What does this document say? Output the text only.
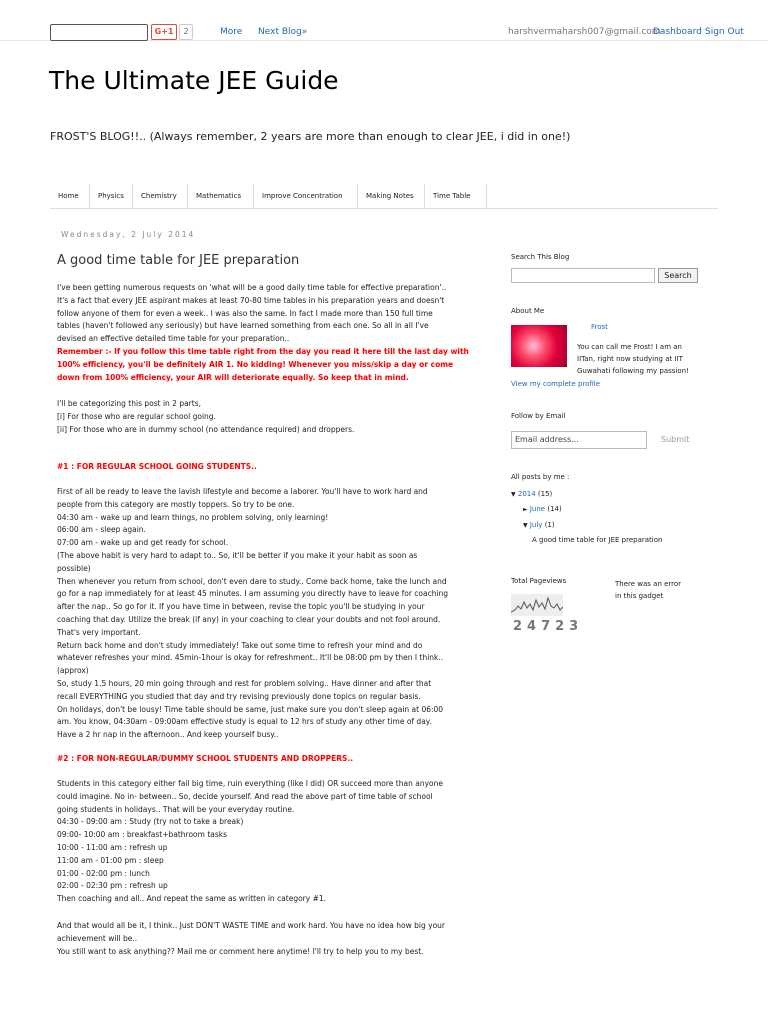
G+1	2	More Next Blog»	harshvermaharsh007@gmail.com
Dashboard Sign Out
The Ultimate JEE Guide
FROST'S BLOG!!.. (Always remember, 2 years are more than enough to clear JEE, i did in one!)
Home	Physics	Chemistry	Mathematics	Improve Concentration	Making Notes	Time Table
Wednesday, 2 July 2014
A good time table for JEE preparation
I've been getting numerous requests on 'what will be a good daily time table for effective preparation'..
It's a fact that every JEE aspirant makes at least 70-80 time tables in his preparation years and doesn't
follow anyone of them for even a week.. I was also the same. In fact I made more than 150 full time
tables (haven't followed any seriously) but have learned something from each one. So all in all I've
devised an effective detailed time table for your preparation..
Remember :- If you follow this time table right from the day you read it here till the last day with
100% efficiency, you'll be definitely AIR 1. No kidding! Whenever you miss/skip a day or come
down from 100% efficiency, your AIR will deteriorate equally. So keep that in mind.
I'll be categorizing this post in 2 parts,
[i] For those who are regular school going.
[ii] For those who are in dummy school (no attendance required) and droppers.
#1 : FOR REGULAR SCHOOL GOING STUDENTS..
First of all be ready to leave the lavish lifestyle and become a laborer. You'll have to work hard and
people from this category are mostly toppers. So try to be one.
04:30 am - wake up and learn things, no problem solving, only learning!
06:00 am - sleep again.
07:00 am - wake up and get ready for school.
(The above habit is very hard to adapt to.. So, it'll be better if you make it your habit as soon as
possible)
Then whenever you return from school, don't even dare to study.. Come back home, take the lunch and
go for a nap immediately for at least 45 minutes. I am assuming you directly have to leave for coaching
after the nap.. So go for it. If you have time in between, revise the topic you'll be studying in your
coaching that day. Utilize the break (if any) in your coaching to clear your doubts and not fool around.
That's very important.
Return back home and don't study immediately! Take out some time to refresh your mind and do
whatever refreshes your mind. 45min-1hour is okay for refreshment.. It'll be 08:00 pm by then I think..
(approx)
So, study 1.5 hours, 20 min going through and rest for problem solving.. Have dinner and after that
recall EVERYTHING you studied that day and try revising previously done topics on regular basis.
On holidays, don't be lousy! Time table should be same, just make sure you don't sleep again at 06:00
am. You know, 04:30am - 09:00am effective study is equal to 12 hrs of study any other time of day.
Have a 2 hr nap in the afternoon.. And keep yourself busy..
#2 : FOR NON-REGULAR/DUMMY SCHOOL STUDENTS AND DROPPERS..
Students in this category either fail big time, ruin everything (like I did) OR succeed more than anyone
could imagine. No in- between.. So, decide yourself. And read the above part of time table of school
going students in holidays.. That will be your everyday routine.
04:30 - 09:00 am : Study (try not to take a break)
09:00- 10:00 am : breakfast+bathroom tasks
10:00 - 11:00 am : refresh up
11:00 am - 01:00 pm : sleep
01:00 - 02:00 pm : lunch
02:00 - 02:30 pm : refresh up
Then coaching and all.. And repeat the same as written in category #1.
And that would all be it, I think.. Just DON'T WASTE TIME and work hard. You have no idea how big your
achievement will be..
You still want to ask anything?? Mail me or comment here anytime! I'll try to help you to my best.
Search This Blog
Search
About Me
Frost
You can call me Frost! I am an
IITan, right now studying at IIT
Guwahati following my passion!
View my complete profile
Follow by Email
Email address...	Submit
All posts by me :
▼ 2014 (15)
► June (14)
▼ July (1)
A good time table for JEE preparation
Total Pageviews
24723
There was an error
in this gadget
